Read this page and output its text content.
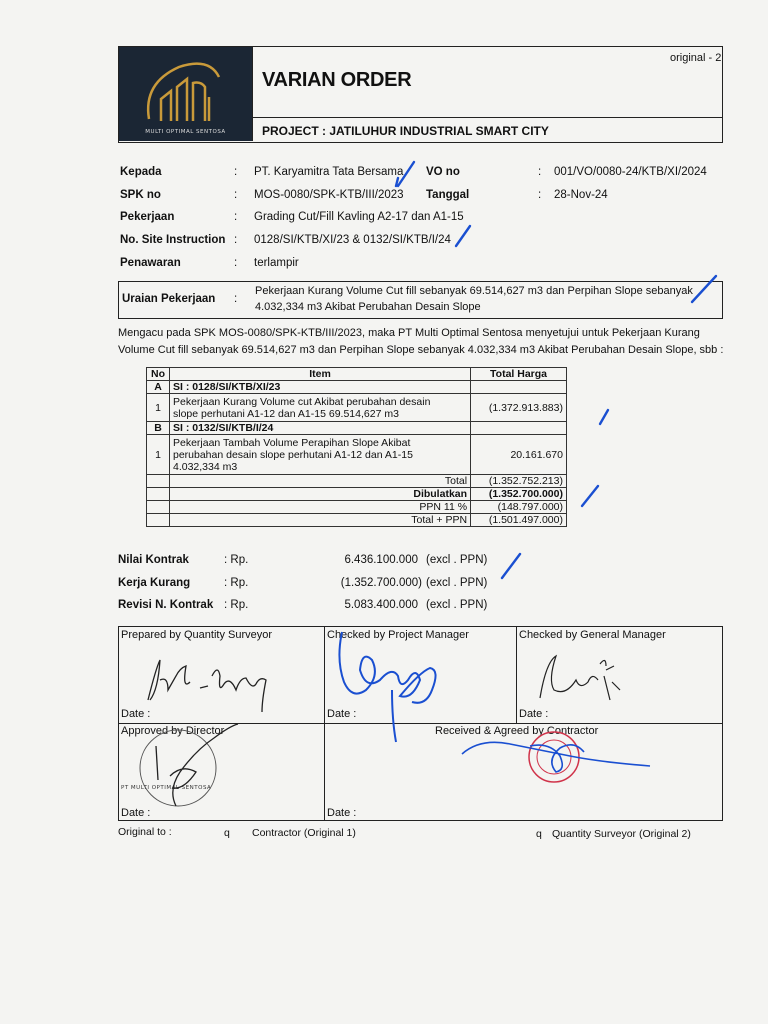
MULTI OPTIMAL SENTOSA
VARIAN ORDER
PROJECT : JATILUHUR INDUSTRIAL SMART CITY
original - 2
Kepada	: PT. Karyamitra Tata Bersama VO no	: 001/VO/0080-24/KTB/XI/2024
SPK no	: MOS-0080/SPK-KTB/III/2023 Tanggal	: 28-Nov-24
Pekerjaan	: Grading Cut/Fill Kavling A2-17 dan A1-15
No. Site Instruction : 0128/SI/KTB/XI/23 & 0132/SI/KTB/I/24
Penawaran	: terlampir
Uraian Pekerjaan :
Pekerjaan Kurang Volume Cut fill sebanyak 69.514,627 m3 dan Perpihan Slope sebanyak
4.032,334 m3 Akibat Perubahan Desain Slope
Mengacu pada SPK MOS-0080/SPK-KTB/III/2023, maka PT Multi Optimal Sentosa menyetujui untuk Pekerjaan Kurang
Volume Cut fill sebanyak 69.514,627 m3 dan Perpihan Slope sebanyak 4.032,334 m3 Akibat Perubahan Desain Slope, sbb :
No	Item	Total Harga
A	SI : 0128/SI/KTB/XI/23	
1	Pekerjaan Kurang Volume cut Akibat perubahan desain
slope perhutani A1-12 dan A1-15 69.514,627 m3	(1.372.913.883)
B	SI : 0132/SI/KTB/I/24	
1	Pekerjaan Tambah Volume Perapihan Slope Akibat
perubahan desain slope perhutani A1-12 dan A1-15
4.032,334 m3	20.161.670
	Total	(1.352.752.213)
	Dibulatkan	(1.352.700.000)
	PPN 11 %	(148.797.000)
	Total + PPN	(1.501.497.000)
Nilai Kontrak	: Rp.	6.436.100.000 (excl . PPN)
Kerja Kurang	: Rp.	(1.352.700.000) (excl . PPN)
Revisi N. Kontrak : Rp.	5.083.400.000 (excl . PPN)
Prepared by Quantity Surveyor	Checked by Project Manager	Checked by General Manager
Date :	Date :	Date :
Approved by Director	Received & Agreed by Contractor
Date :	Date :
PT MULTI OPTIMAL SENTOSA
Original to :	q Contractor (Original 1)	q Quantity Surveyor (Original 2)
